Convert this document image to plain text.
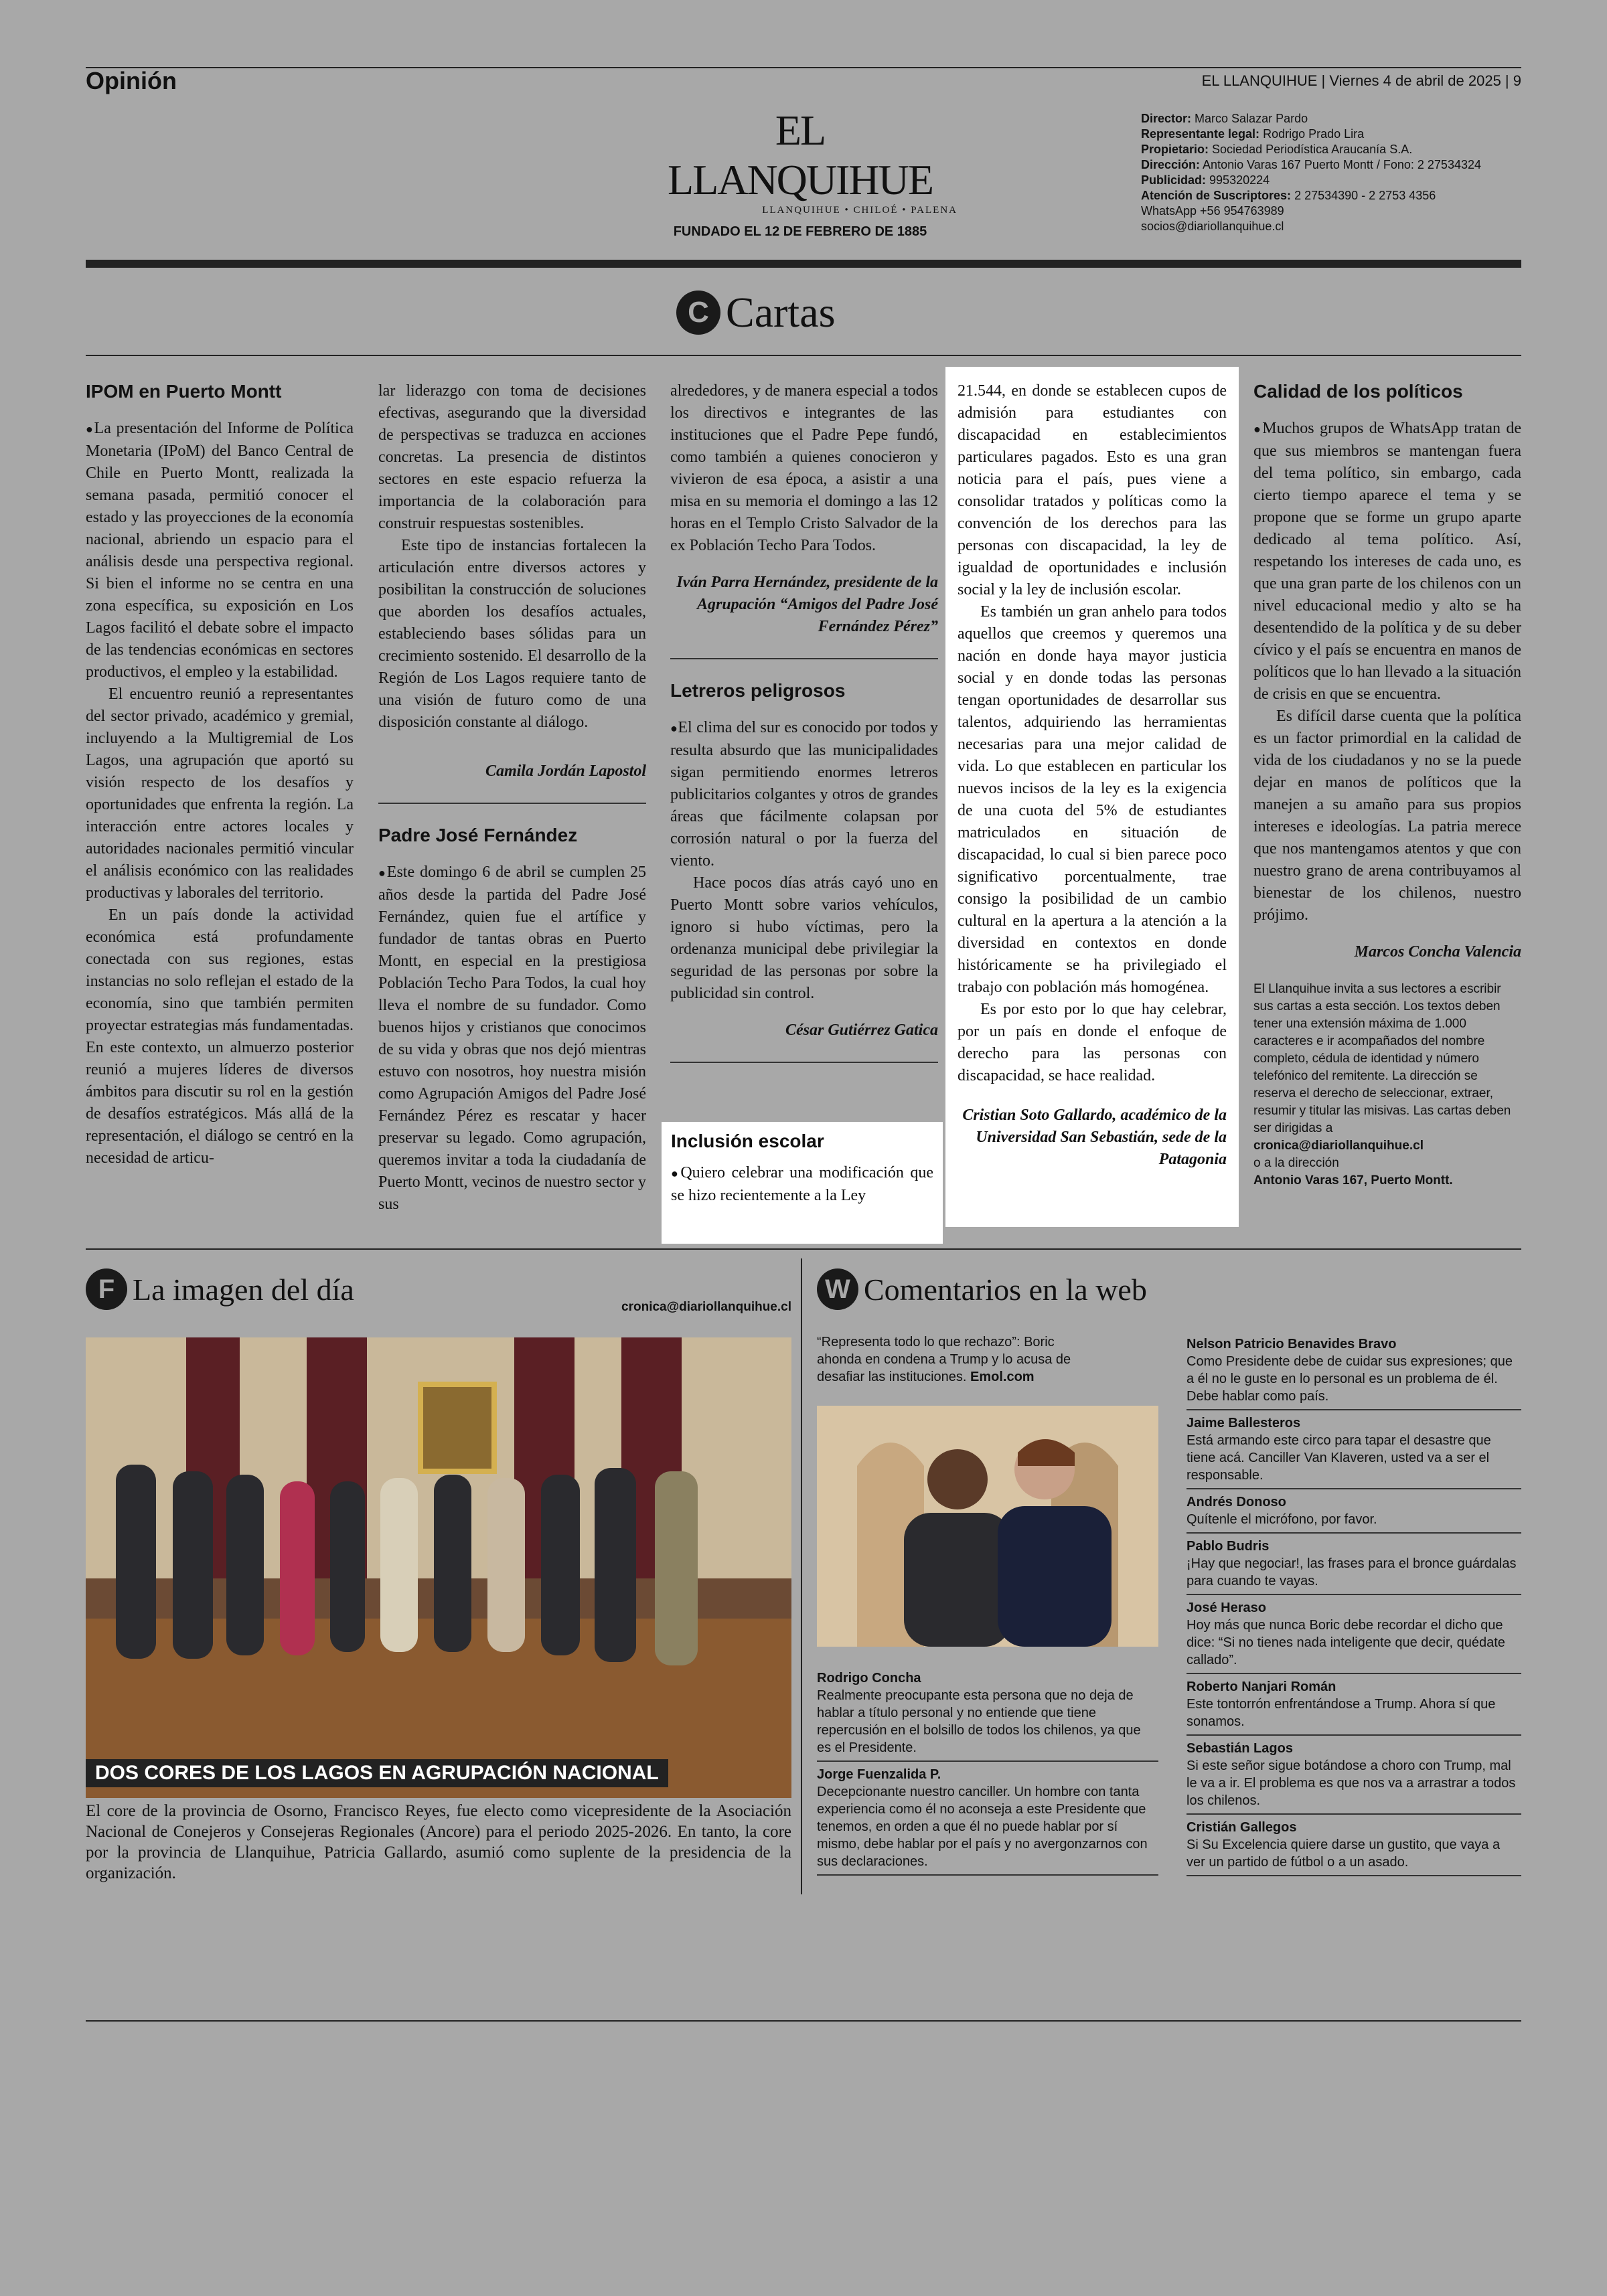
Opinión	EL LLANQUIHUE | Viernes 4 de abril de 2025 | 9
EL LLANQUIHUE
LLANQUIHUE • CHILOÉ • PALENA
FUNDADO EL 12 DE FEBRERO DE 1885
Director: Marco Salazar Pardo
Representante legal: Rodrigo Prado Lira
Propietario: Sociedad Periodística Araucanía S.A.
Dirección: Antonio Varas 167 Puerto Montt / Fono: 2 27534324
Publicidad: 995320224
Atención de Suscriptores: 2 27534390 - 2 2753 4356
WhatsApp +56 954763989
socios@diariollanquihue.cl
C Cartas
IPOM en Puerto Montt

● La presentación del Informe de Política Monetaria (IPoM) del Banco Central de Chile en Puerto Montt, realizada la semana pasada, permitió conocer el estado y las proyecciones de la economía nacional, abriendo un espacio para el análisis desde una perspectiva regional. Si bien el informe no se centra en una zona específica, su exposición en Los Lagos facilitó el debate sobre el impacto de las tendencias económicas en sectores productivos, el empleo y la estabilidad.

El encuentro reunió a representantes del sector privado, académico y gremial, incluyendo a la Multigremial de Los Lagos, una agrupación que aportó su visión respecto de los desafíos y oportunidades que enfrenta la región. La interacción entre actores locales y autoridades nacionales permitió vincular el análisis económico con las realidades productivas y laborales del territorio.

En un país donde la actividad económica está profundamente conectada con sus regiones, estas instancias no solo reflejan el estado de la economía, sino que también permiten proyectar estrategias más fundamentadas. En este contexto, un almuerzo posterior reunió a mujeres líderes de diversos ámbitos para discutir su rol en la gestión de desafíos estratégicos. Más allá de la representación, el diálogo se centró en la necesidad de articu-

lar liderazgo con toma de decisiones efectivas, asegurando que la diversidad de perspectivas se traduzca en acciones concretas. La presencia de distintos sectores en este espacio refuerza la importancia de la colaboración para construir respuestas sostenibles.

Este tipo de instancias fortalecen la articulación entre diversos actores y posibilitan la construcción de soluciones que aborden los desafíos actuales, estableciendo bases sólidas para un crecimiento sostenido. El desarrollo de la Región de Los Lagos requiere tanto de una visión de futuro como de una disposición constante al diálogo.

Camila Jordán Lapostol
Padre José Fernández

● Este domingo 6 de abril se cumplen 25 años desde la partida del Padre José Fernández, quien fue el artífice y fundador de tantas obras en Puerto Montt, en especial en la prestigiosa Población Techo Para Todos, la cual hoy lleva el nombre de su fundador. Como buenos hijos y cristianos que conocimos de su vida y obras que nos dejó mientras estuvo con nosotros, hoy nuestra misión como Agrupación Amigos del Padre José Fernández Pérez es rescatar y hacer preservar su legado. Como agrupación, queremos invitar a toda la ciudadanía de Puerto Montt, vecinos de nuestro sector y sus

alrededores, y de manera especial a todos los directivos e integrantes de las instituciones que el Padre Pepe fundó, como también a quienes conocieron y vivieron de esa época, a asistir a una misa en su memoria el domingo a las 12 horas en el Templo Cristo Salvador de la ex Población Techo Para Todos.

Iván Parra Hernández, presidente de la Agrupación “Amigos del Padre José Fernández Pérez”
Letreros peligrosos

● El clima del sur es conocido por todos y resulta absurdo que las municipalidades sigan permitiendo enormes letreros publicitarios colgantes y otros de grandes áreas que fácilmente colapsan por corrosión natural o por la fuerza del viento.

Hace pocos días atrás cayó uno en Puerto Montt sobre varios vehículos, ignoro si hubo víctimas, pero la ordenanza municipal debe privilegiar la seguridad de las personas por sobre la publicidad sin control.

César Gutiérrez Gatica
Inclusión escolar

● Quiero celebrar una modificación que se hizo recientemente a la Ley

21.544, en donde se establecen cupos de admisión para estudiantes con discapacidad en establecimientos particulares pagados. Esto es una gran noticia para el país, pues viene a consolidar tratados y políticas como la convención de los derechos para las personas con discapacidad, la ley de igualdad de oportunidades e inclusión social y la ley de inclusión escolar.

Es también un gran anhelo para todos aquellos que creemos y queremos una nación en donde haya mayor justicia social y en donde todas las personas tengan oportunidades de desarrollar sus talentos, adquiriendo las herramientas necesarias para una mejor calidad de vida. Lo que establecen en particular los nuevos incisos de la ley es la exigencia de una cuota del 5% de estudiantes matriculados en situación de discapacidad, lo cual si bien parece poco significativo porcentualmente, trae consigo la posibilidad de un cambio cultural en la apertura a la atención a la diversidad en contextos en donde históricamente se ha privilegiado el trabajo con población más homogénea.

Es por esto por lo que hay celebrar, por un país en donde el enfoque de derecho para las personas con discapacidad, se hace realidad.

Cristian Soto Gallardo, académico de la Universidad San Sebastián, sede de la Patagonia
Calidad de los políticos

● Muchos grupos de WhatsApp tratan de que sus miembros se mantengan fuera del tema político, sin embargo, cada cierto tiempo aparece el tema y se propone que se forme un grupo aparte dedicado al tema político. Así, respetando los intereses de cada uno, es que una gran parte de los chilenos con un nivel educacional medio y alto se ha desentendido de la política y de su deber cívico y el país se encuentra en manos de políticos que lo han llevado a la situación de crisis en que se encuentra.

Es difícil darse cuenta que la política es un factor primordial en la calidad de vida de los ciudadanos y no se la puede dejar en manos de políticos que la manejen a su amaño para sus propios intereses e ideologías. La patria merece que nos mantengamos atentos y que con nuestro grano de arena contribuyamos al bienestar de los chilenos, nuestro prójimo.

Marcos Concha Valencia
El Llanquihue invita a sus lectores a escribir sus cartas a esta sección. Los textos deben tener una extensión máxima de 1.000 caracteres e ir acompañados del nombre completo, cédula de identidad y número telefónico del remitente. La dirección se reserva el derecho de seleccionar, extraer, resumir y titular las misivas. Las cartas deben ser dirigidas a
cronica@diariollanquihue.cl
o a la dirección
Antonio Varas 167, Puerto Montt.
F La imagen del día
cronica@diariollanquihue.cl
DOS CORES DE LOS LAGOS EN AGRUPACIÓN NACIONAL
El core de la provincia de Osorno, Francisco Reyes, fue electo como vicepresidente de la Asociación Nacional de Conejeros y Consejeras Regionales (Ancore) para el periodo 2025-2026. En tanto, la core por la provincia de Llanquihue, Patricia Gallardo, asumió como suplente de la presidencia de la organización.
W Comentarios en la web
“Representa todo lo que rechazo”: Boric ahonda en condena a Trump y lo acusa de desafiar las instituciones. Emol.com
Rodrigo Concha
Realmente preocupante esta persona que no deja de hablar a título personal y no entiende que tiene repercusión en el bolsillo de todos los chilenos, ya que es el Presidente.
Jorge Fuenzalida P.
Decepcionante nuestro canciller. Un hombre con tanta experiencia como él no aconseja a este Presidente que tenemos, en orden a que él no puede hablar por sí mismo, debe hablar por el país y no avergonzarnos con sus declaraciones.
Nelson Patricio Benavides Bravo
Como Presidente debe de cuidar sus expresiones; que a él no le guste en lo personal es un problema de él. Debe hablar como país.
Jaime Ballesteros
Está armando este circo para tapar el desastre que tiene acá. Canciller Van Klaveren, usted va a ser el responsable.
Andrés Donoso
Quítenle el micrófono, por favor.
Pablo Budris
¡Hay que negociar!, las frases para el bronce guárdalas para cuando te vayas.
José Heraso
Hoy más que nunca Boric debe recordar el dicho que dice: “Si no tienes nada inteligente que decir, quédate callado”.
Roberto Nanjari Román
Este tontorrón enfrentándose a Trump. Ahora sí que sonamos.
Sebastián Lagos
Si este señor sigue botándose a choro con Trump, mal le va a ir. El problema es que nos va a arrastrar a todos los chilenos.
Cristián Gallegos
Si Su Excelencia quiere darse un gustito, que vaya a ver un partido de fútbol o a un asado.
